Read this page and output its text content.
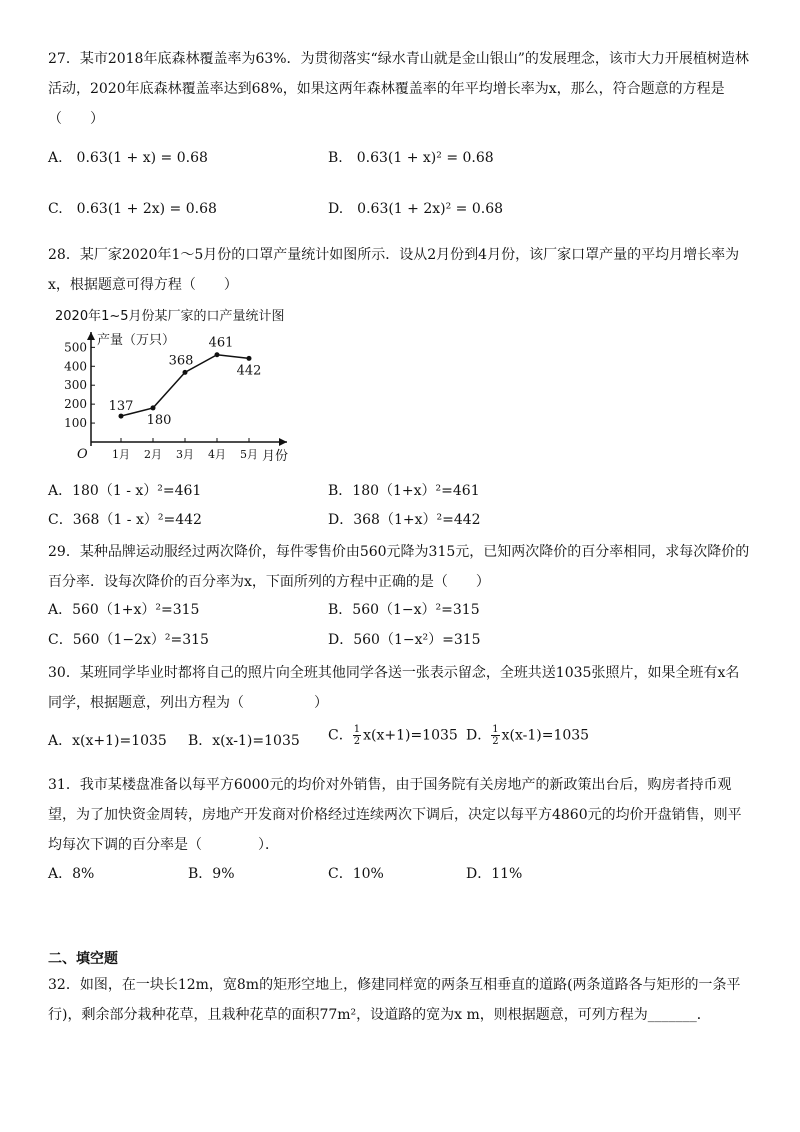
27．某市2018年底森林覆盖率为63%．为贯彻落实“绿水青山就是金山银山”的发展理念，该市大力开展植树造林活动，2020年底森林覆盖率达到68%，如果这两年森林覆盖率的年平均增长率为x，那么，符合题意的方程是（　　）
A.　0.63(1 + x) = 0.68	B.　0.63(1 + x)² = 0.68
C.　0.63(1 + 2x) = 0.68	D.　0.63(1 + 2x)² = 0.68
28．某厂家2020年1～5月份的口罩产量统计如图所示．设从2月份到4月份，该厂家口罩产量的平均月增长率为x，根据题意可得方程（　　）
2020年1~5月份某厂家的口产量统计图
产量（万只）
月份
O
100
200
300
400
500
1月 2月 3月 4月 5月
137
180
368
461
442
A．180（1 - x）²=461	B．180（1+x）²=461
C．368（1 - x）²=442	D．368（1+x）²=442
29．某种品牌运动服经过两次降价，每件零售价由560元降为315元，已知两次降价的百分率相同，求每次降价的百分率．设每次降价的百分率为x，下面所列的方程中正确的是（　　）
A．560（1+x）²=315	B．560（1−x）²=315
C．560（1−2x）²=315	D．560（1−x²）=315
30．某班同学毕业时都将自己的照片向全班其他同学各送一张表示留念，全班共送1035张照片，如果全班有x名同学，根据题意，列出方程为（　　　　　）
A．x(x+1)=1035 B．x(x-1)=1035 C． $\frac{1}{2} x(x+1)=1035$ D． $\frac{1}{2} x(x-1)=1035$
31．我市某楼盘准备以每平方6000元的均价对外销售，由于国务院有关房地产的新政策出台后，购房者持币观望，为了加快资金周转，房地产开发商对价格经过连续两次下调后，决定以每平方4860元的均价开盘销售，则平均每次下调的百分率是（　　　　）．
A．8%	B．9%	C．10%	D．11%
二、填空题
32．如图，在一块长12m，宽8m的矩形空地上，修建同样宽的两条互相垂直的道路(两条道路各与矩形的一条平行)，剩余部分栽种花草，且栽种花草的面积77m²，设道路的宽为x m，则根据题意，可列方程为_______．
